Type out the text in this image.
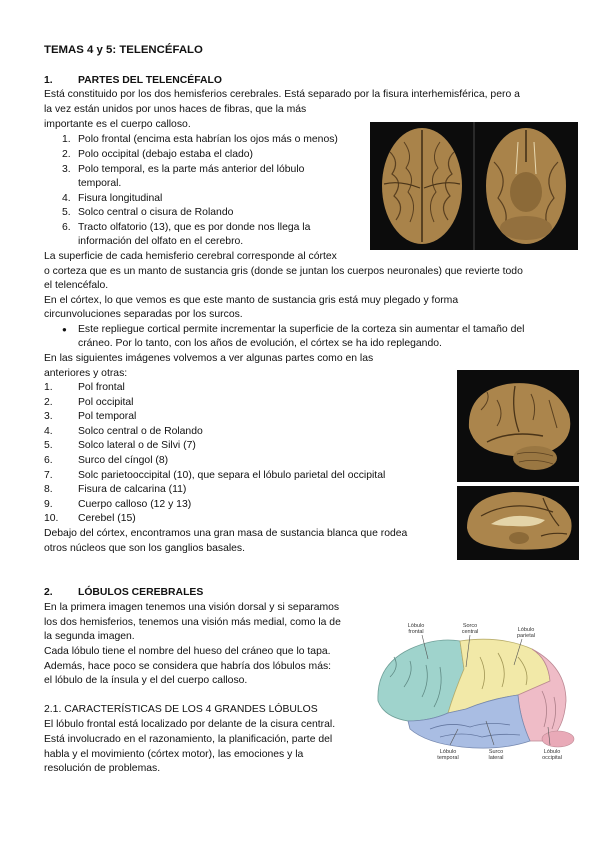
TEMAS 4 y 5: TELENCÉFALO
1. PARTES DEL TELENCÉFALO
Está constituido por los dos hemisferios cerebrales. Está separado por la fisura interhemisférica, pero a
la vez están unidos por unos haces de fibras, que la más
importante es el cuerpo calloso.
1. Polo frontal (encima esta habrían los ojos más o menos)
2. Polo occipital (debajo estaba el clado)
3. Polo temporal, es la parte más anterior del lóbulo
temporal.
4. Fisura longitudinal
5. Solco central o cisura de Rolando
6. Tracto olfatorio (13), que es por donde nos llega la
información del olfato en el cerebro.
La superficie de cada hemisferio cerebral corresponde al córtex
o corteza que es un manto de sustancia gris (donde se juntan los cuerpos neuronales) que revierte todo
el telencéfalo.
En el córtex, lo que vemos es que este manto de sustancia gris está muy plegado y forma
circunvoluciones separadas por los surcos.
● Este repliegue cortical permite incrementar la superficie de la corteza sin aumentar el tamaño del
cráneo. Por lo tanto, con los años de evolución, el córtex se ha ido replegando.
En las siguientes imágenes volvemos a ver algunas partes como en las
anteriores y otras:
1. Pol frontal
2. Pol occipital
3. Pol temporal
4. Solco central o de Rolando
5. Solco lateral o de Silvi (7)
6. Surco del cíngol (8)
7. Solc parietooccipital (10), que separa el lóbulo parietal del occipital
8. Fisura de calcarina (11)
9. Cuerpo calloso (12 y 13)
10. Cerebel (15)
Debajo del córtex, encontramos una gran masa de sustancia blanca que rodea
otros núcleos que son los ganglios basales.
2. LÓBULOS CEREBRALES
En la primera imagen tenemos una visión dorsal y si separamos
los dos hemisferios, tenemos una visión más medial, como la de
la segunda imagen.
Cada lóbulo tiene el nombre del hueso del cráneo que lo tapa.
Además, hace poco se considera que habría dos lóbulos más:
el lóbulo de la ínsula y el del cuerpo calloso.
2.1. CARACTERÍSTICAS DE LOS 4 GRANDES LÓBULOS
El lóbulo frontal está localizado por delante de la cisura central.
Está involucrado en el razonamiento, la planificación, parte del
habla y el movimiento (córtex motor), las emociones y la
resolución de problemas.
Lòbulo
frontal
Sorco
central	Lóbulo
parietal
Lóbulo
temporal
Surco
lateral
Lóbulo
occipital
